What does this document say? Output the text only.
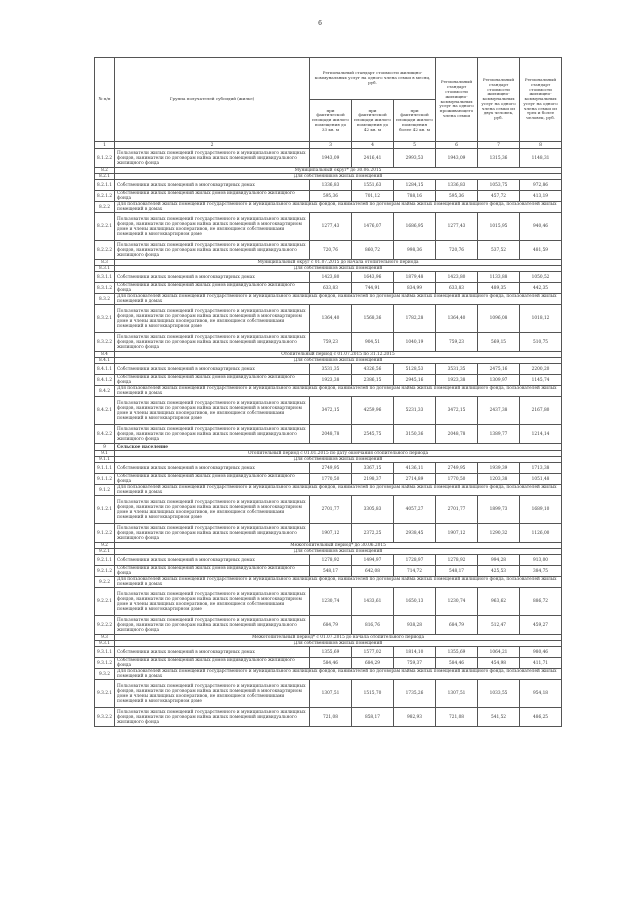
6
№ п/п	Группа получателей субсидий (жилье)	Региональный стандарт стоимости жилищно-коммунальных услуг на одного члена семьи в месяц, руб.			Региональный стандарт стоимости жилищно-коммунальных услуг на одного проживающего члена семьи	Региональный стандарт стоимости жилищно-коммунальных услуг на одного члена семьи из двух человек, руб.	Региональный стандарт стоимости жилищно-коммунальных услуг на одного члена семьи из трех и более человек, руб.
		при фактической площади жилого помещения до 33 кв. м	при фактической площади жилого помещения до 42 кв. м	при фактической площади жилого помещения более 42 кв. м			
1	2	3	4	5	6	7	8
8.1.2.2	Пользователи жилых помещений государственного и муниципального жилищных фондов, наниматели по договорам найма жилых помещений индивидуального жилищного фонда	1943,09	2416,41	2993,53	1943,09	1315,36	1148,31
8.2	Муниципальный округ* до 30.06.2015						
8.2.1	Для собственников жилых помещений						
8.2.1.1	Собственники жилых помещений в многоквартирных домах	1336,83	1551,63	1284,15	1336,83	1053,75	972,86
8.2.1.2	Собственники жилых помещений жилых домов индивидуального жилищного фонда	595,36	701,12	788,16	595,36	457,72	413,19
8.2.2	Для пользователей жилых помещений государственного и муниципального жилищных фондов, нанимателей по договорам найма жилых помещений жилищного фонда, пользователей жилых помещений в домах						
8.2.2.1	Пользователи жилых помещений государственного и муниципального жилищных фондов, наниматели по договорам найма жилых помещений в многоквартирном доме и члены жилищных кооперативов, не являющиеся собственниками помещений в многоквартирном доме	1277,43	1476,07	1686,95	1277,43	1015,95	940,46
8.2.2.2	Пользователи жилых помещений государственного и муниципального жилищных фондов, наниматели по договорам найма жилых помещений индивидуального жилищного фонда	720,76	860,72	998,36	720,76	537,52	481,59
8.3	Муниципальный округ с 01.07.2015 до начала отопительного периода						
8.3.1	Для собственников жилых помещений						
8.3.1.1	Собственники жилых помещений в многоквартирных домах	1423,80	1643,96	1879,48	1423,80	1133,88	1050,52
8.3.1.2	Собственники жилых помещений жилых домов индивидуального жилищного фонда	633,83	744,91	834,99	633,83	489,35	442,35
8.3.2	Для пользователей жилых помещений государственного и муниципального жилищных фондов, нанимателей по договорам найма жилых помещений жилищного фонда, пользователей жилых помещений в домах						
8.3.2.1	Пользователи жилых помещений государственного и муниципального жилищных фондов, наниматели по договорам найма жилых помещений в многоквартирном доме и члены жилищных кооперативов, не являющиеся собственниками помещений в многоквартирном доме	1364,40	1568,36	1782,28	1364,40	1096,08	1018,12
8.3.2.2	Пользователи жилых помещений государственного и муниципального жилищных фондов, наниматели по договорам найма жилых помещений индивидуального жилищного фонда	759,23	904,51	1040,19	759,23	569,15	510,75
8.4	Отопительный период с 01.07.2015 по 31.12.2015						
8.4.1	Для собственников жилых помещений						
8.4.1.1	Собственники жилых помещений в многоквартирных домах	3531,35	4326,56	5128,53	3531,35	2475,16	2200,20
8.4.1.2	Собственники жилых помещений жилых домов индивидуального жилищного фонда	1923,38	2386,15	2945,16	1923,38	1309,97	1145,74
8.4.2	Для пользователей жилых помещений государственного и муниципального жилищных фондов, нанимателей по договорам найма жилых помещений жилищного фонда, пользователей жилых помещений в домах						
8.4.2.1	Пользователи жилых помещений государственного и муниципального жилищных фондов, наниматели по договорам найма жилых помещений в многоквартирном доме и члены жилищных кооперативов, не являющиеся собственниками помещений в многоквартирном доме	3472,15	4259,96	5231,33	3472,15	2437,38	2167,80
8.4.2.2	Пользователи жилых помещений государственного и муниципального жилищных фондов, наниматели по договорам найма жилых помещений индивидуального жилищного фонда	2048,78	2545,75	3150,36	2048,78	1389,77	1214,14
9	Сельское население						
9.1	Отопительный период с 01.01.2015 по дату окончания отопительного периода						
9.1.1	Для собственников жилых помещений						
9.1.1.1	Собственники жилых помещений в многоквартирных домах	2749,95	3367,15	4136,11	2749,95	1939,39	1713,38
9.1.1.2	Собственники жилых помещений жилых домов индивидуального жилищного фонда	1770,50	2198,37	2714,89	1770,50	1203,38	1051,48
9.1.2	Для пользователей жилых помещений государственного и муниципального жилищных фондов, нанимателей по договорам найма жилых помещений жилищного фонда, пользователей жилых помещений в домах						
9.1.2.1	Пользователи жилых помещений государственного и муниципального жилищных фондов, наниматели по договорам найма жилых помещений в многоквартирном доме и члены жилищных кооперативов, не являющиеся собственниками помещений в многоквартирном доме	2701,77	3305,83	4057,27	2701,77	1899,73	1689,10
9.1.2.2	Пользователи жилых помещений государственного и муниципального жилищных фондов, наниматели по договорам найма жилых помещений индивидуального жилищного фонда	1907,12	2372,25	2938,45	1907,12	1290,32	1126,00
9.2	Межотопительный период* до 30.06.2015						
9.2.1	Для собственников жилых помещений						
9.2.1.1	Собственники жилых помещений в многоквартирных домах	1278,92	1494,97	1728,97	1278,92	994,28	913,00
9.2.1.2	Собственники жилых помещений жилых домов индивидуального жилищного фонда	548,17	642,08	714,72	548,17	425,53	384,75
9.2.2	Для пользователей жилых помещений государственного и муниципального жилищных фондов, нанимателей по договорам найма жилых помещений жилищного фонда, пользователей жилых помещений в домах						
9.2.2.1	Пользователи жилых помещений государственного и муниципального жилищных фондов, наниматели по договорам найма жилых помещений в многоквартирном доме и члены жилищных кооперативов, не являющиеся собственниками помещений в многоквартирном доме	1230,74	1433,61	1650,13	1230,74	963,62	886,72
9.2.2.2	Пользователи жилых помещений государственного и муниципального жилищных фондов, наниматели по договорам найма жилых помещений индивидуального жилищного фонда	684,79	816,76	938,28	684,79	512,47	459,27
9.3	Межотопительный период* с 01.07.2015 до начала отопительного периода						
9.3.1	Для собственников жилых помещений						
9.3.1.1	Собственники жилых помещений в многоквартирных домах	1355,69	1577,02	1814,10	1355,69	1064,21	980,46
9.3.1.2	Собственники жилых помещений жилых домов индивидуального жилищного фонда	584,46	684,29	759,37	584,46	454,98	411,71
9.3.2	Для пользователей жилых помещений государственного и муниципального жилищных фондов, нанимателей по договорам найма жилых помещений жилищного фонда, пользователей жилых помещений в домах						
9.3.2.1	Пользователи жилых помещений государственного и муниципального жилищных фондов, наниматели по договорам найма жилых помещений в многоквартирном доме и члены жилищных кооперативов, не являющиеся собственниками помещений в многоквартирном доме	1307,51	1515,70	1735,26	1307,51	1033,55	954,18
9.3.2.2	Пользователи жилых помещений государственного и муниципального жилищных фондов, наниматели по договорам найма жилых помещений индивидуального жилищного фонда	721,08	858,17	982,93	721,08	541,52	486,25
